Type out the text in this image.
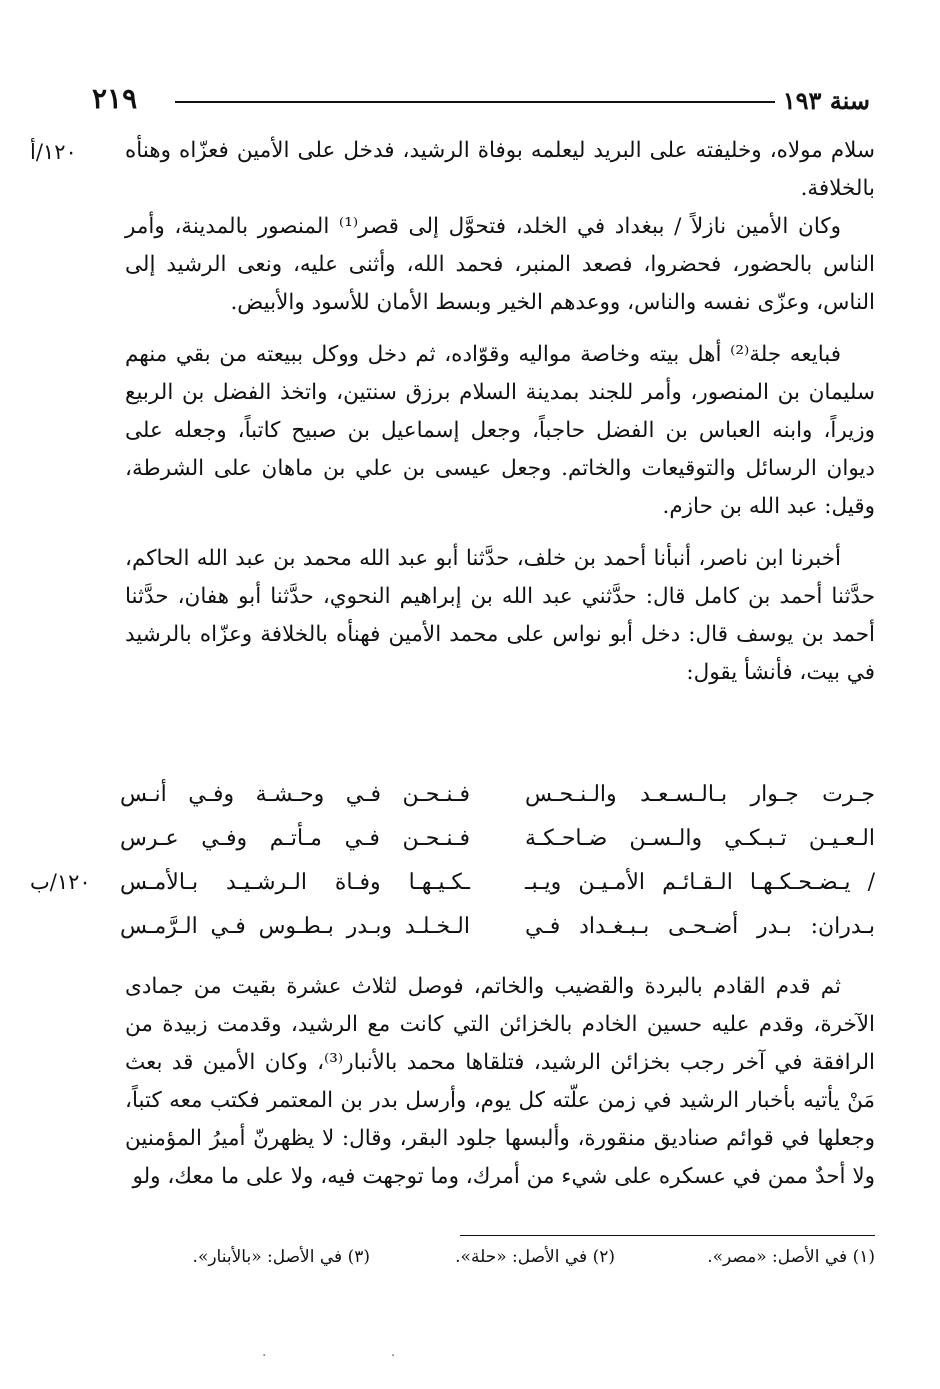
سنة ١٩٣
٢١٩
١٢٠/أ
١٢٠/ب

سلام مولاه، وخليفته على البريد ليعلمه بوفاة الرشيد، فدخل على الأمين فعزّاه وهنأه بالخلافة.

وكان الأمين نازلاً / ببغداد في الخلد، فتحوَّل إلى قصر⁽¹⁾ المنصور بالمدينة، وأمر الناس بالحضور، فحضروا، فصعد المنبر، فحمد الله، وأثنى عليه، ونعى الرشيد إلى الناس، وعزّى نفسه والناس، ووعدهم الخير وبسط الأمان للأسود والأبيض.

فبايعه جلة⁽²⁾ أهل بيته وخاصة مواليه وقوّاده، ثم دخل ووكل ببيعته من بقي منهم سليمان بن المنصور، وأمر للجند بمدينة السلام برزق سنتين، واتخذ الفضل بن الربيع وزيراً، وابنه العباس بن الفضل حاجباً، وجعل إسماعيل بن صبيح كاتباً، وجعله على ديوان الرسائل والتوقيعات والخاتم. وجعل عيسى بن علي بن ماهان على الشرطة، وقيل: عبد الله بن حازم.

أخبرنا ابن ناصر، أنبأنا أحمد بن خلف، حدَّثنا أبو عبد الله محمد بن عبد الله الحاكم، حدَّثنا أحمد بن كامل قال: حدَّثني عبد الله بن إبراهيم النحوي، حدَّثنا أبو هفان، حدَّثنا أحمد بن يوسف قال: دخل أبو نواس على محمد الأمين فهنأه بالخلافة وعزّاه بالرشيد في بيت، فأنشأ يقول:

جـرت جـوار بـالـسـعـد والـنـحـس
فـنـحـن فـي وحـشـة وفـي أنـس
الـعـيـن تـبـكـي والـسـن ضـاحـكـة
فـنـحـن فـي مـأتـم وفـي عـرس
/ يـضـحـكـهـا الـقـائـم الأمـيـن ويـبـ
ـكـيـهـا وفـاة الـرشـيـد بـالأمـس
بـدران: بـدر أضـحـى بـبـغـداد فـي
الـخـلـد وبـدر بـطـوس فـي الـرَّمـس

ثم قدم القادم بالبردة والقضيب والخاتم، فوصل لثلاث عشرة بقيت من جمادى الآخرة، وقدم عليه حسين الخادم بالخزائن التي كانت مع الرشيد، وقدمت زبيدة من الرافقة في آخر رجب بخزائن الرشيد، فتلقاها محمد بالأنبار⁽³⁾، وكان الأمين قد بعث مَنْ يأتيه بأخبار الرشيد في زمن علّته كل يوم، وأرسل بدر بن المعتمر فكتب معه كتباً، وجعلها في قوائم صناديق منقورة، وألبسها جلود البقر، وقال: لا يظهرنّ أميرُ المؤمنين ولا أحدٌ ممن في عسكره على شيء من أمرك، وما توجهت فيه، ولا على ما معك، ولو

(١) في الأصل: «مصر».
(٢) في الأصل: «حلة».
(٣) في الأصل: «بالأبنار».
· ·
